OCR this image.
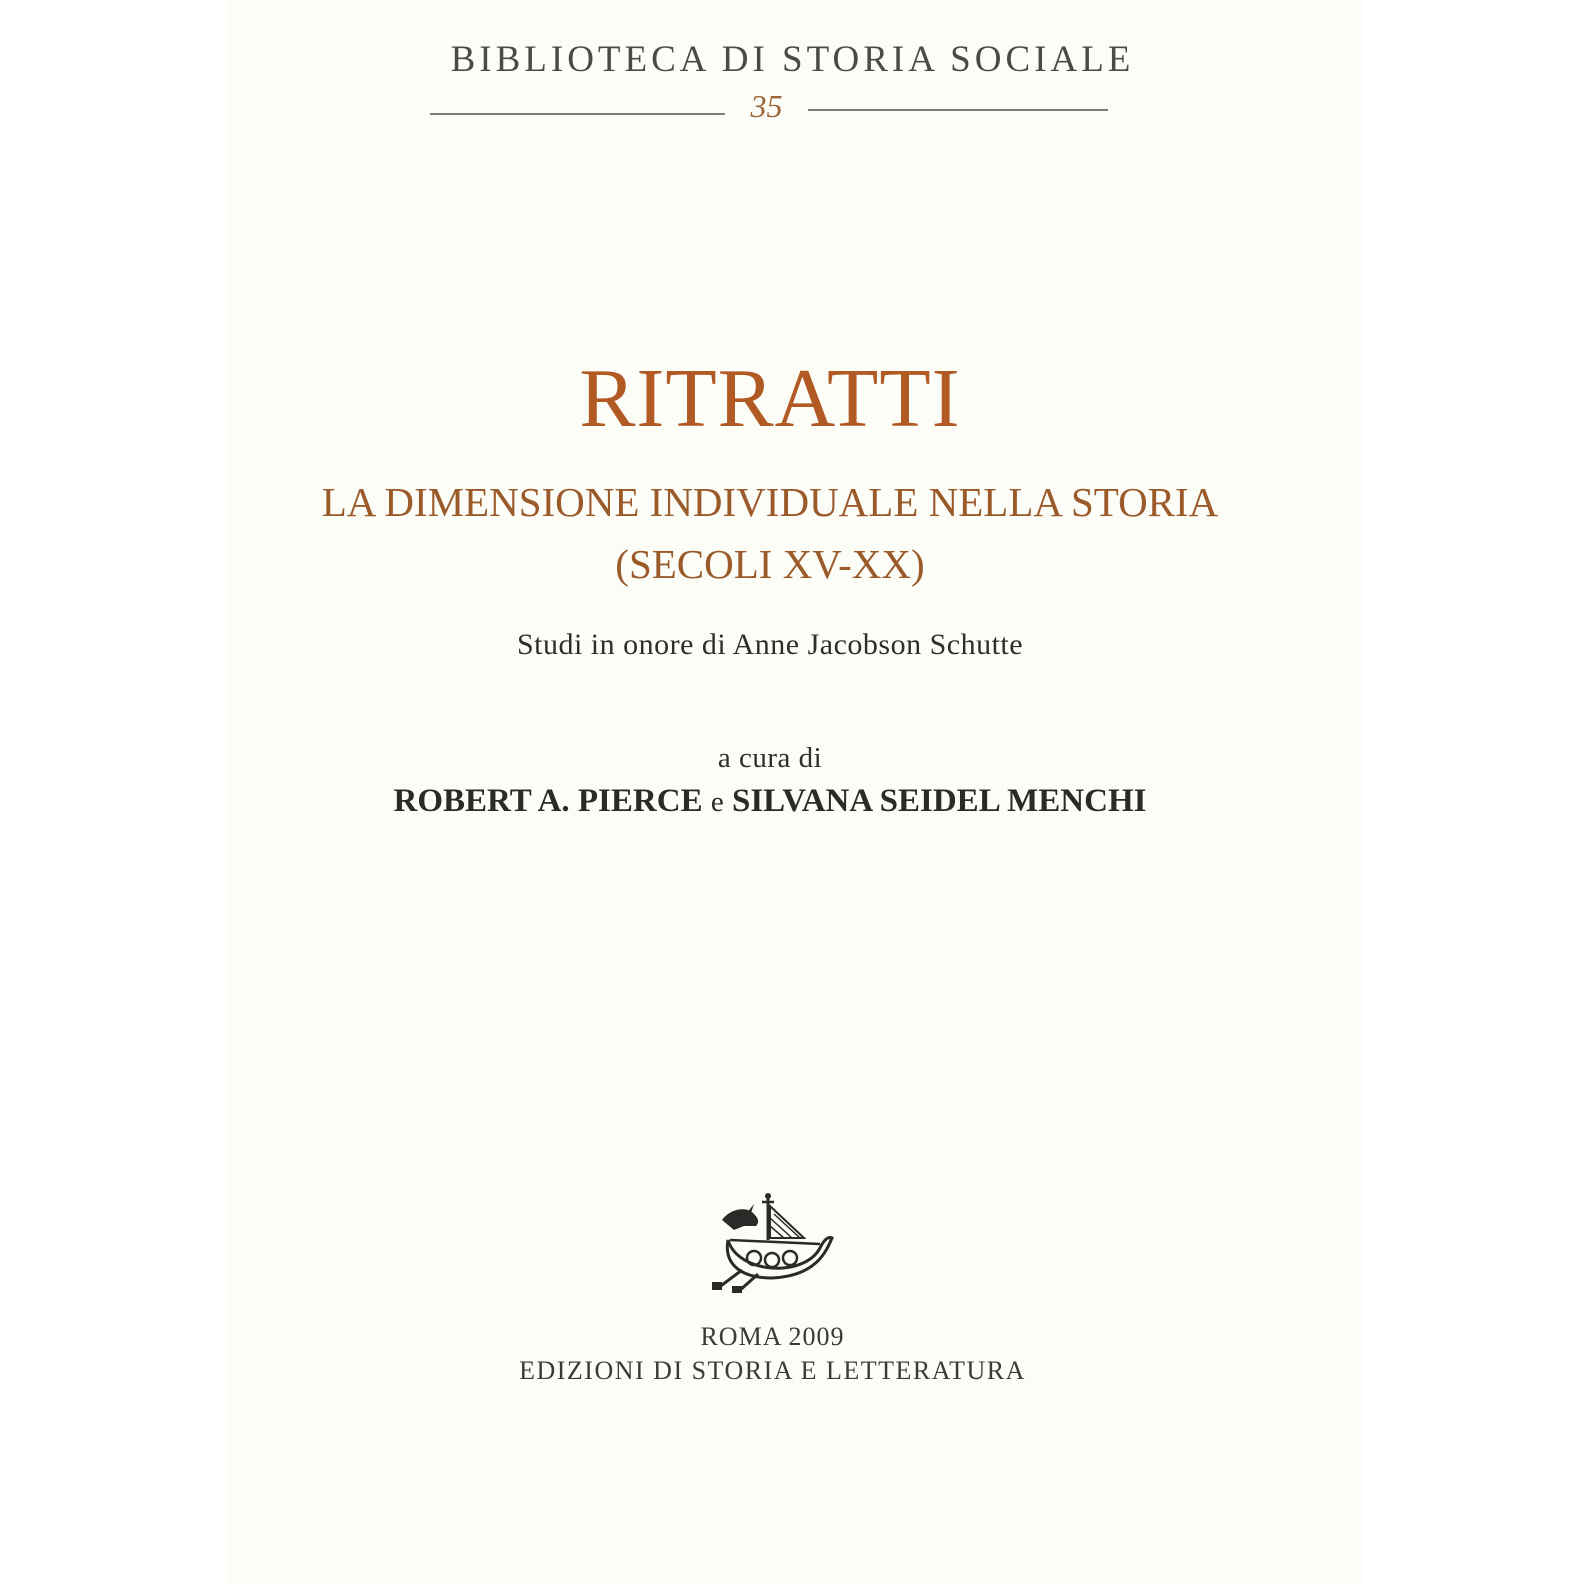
BIBLIOTECA DI STORIA SOCIALE
35
RITRATTI
LA DIMENSIONE INDIVIDUALE NELLA STORIA
(SECOLI XV-XX)
Studi in onore di Anne Jacobson Schutte
a cura di
ROBERT A. PIERCE e SILVANA SEIDEL MENCHI
ROMA 2009
EDIZIONI DI STORIA E LETTERATURA
